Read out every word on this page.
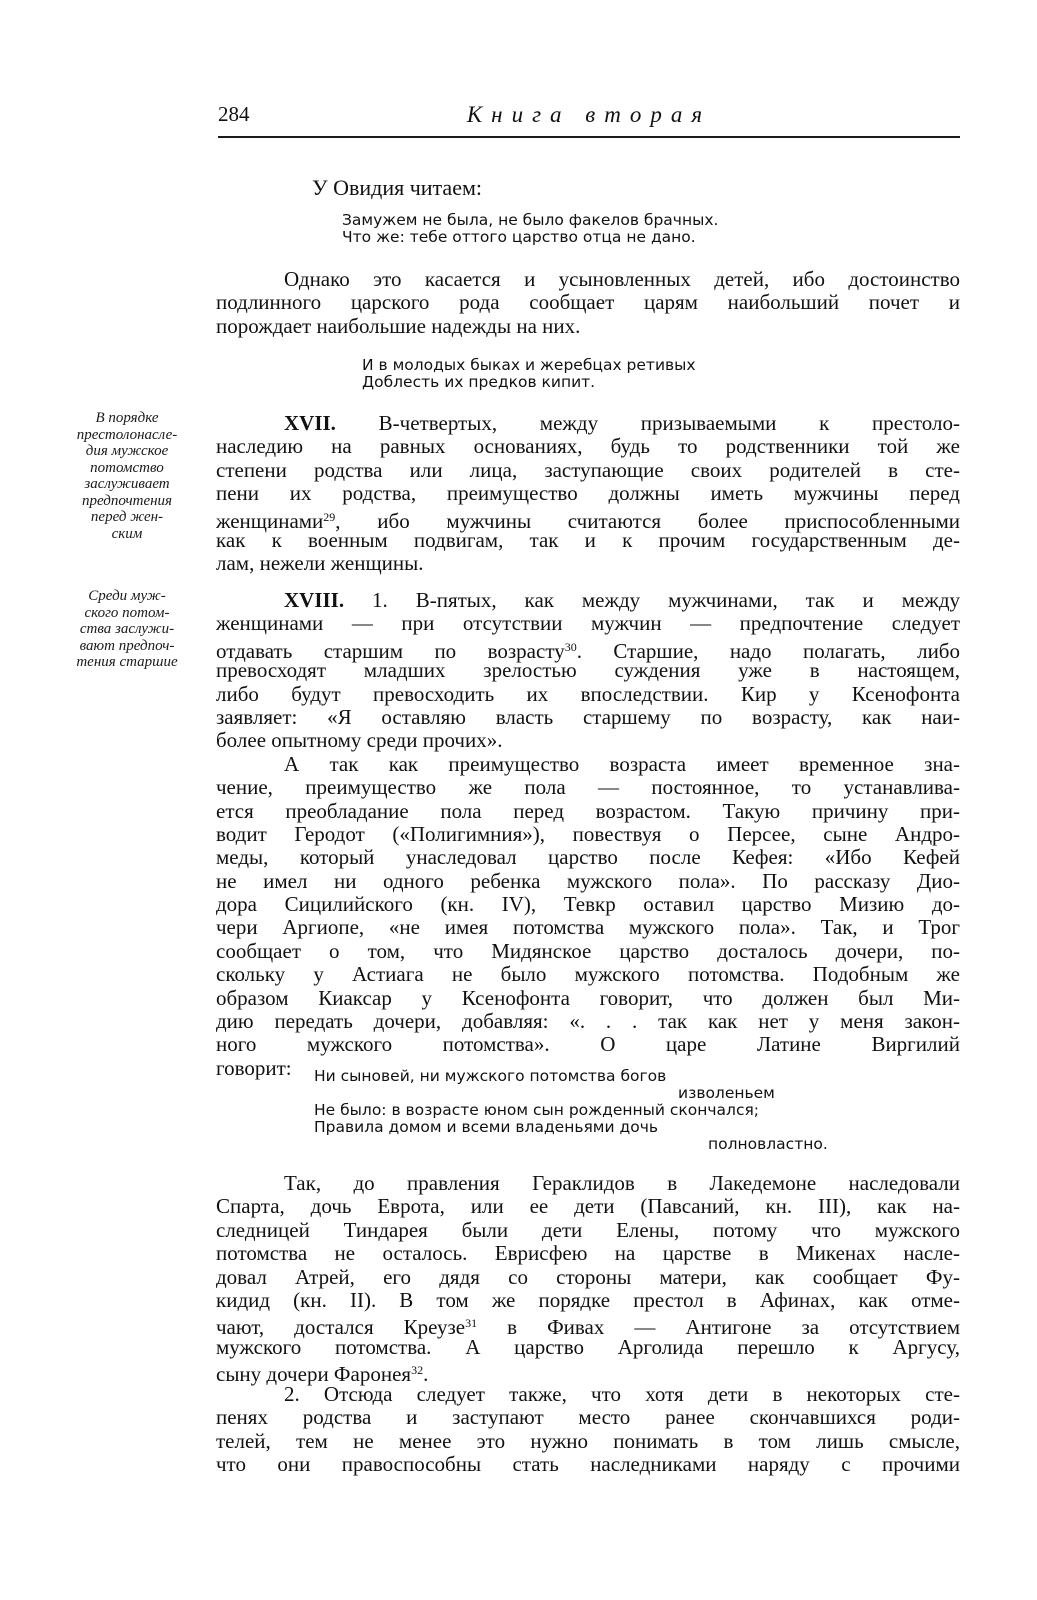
284	Книга вторая
У Овидия читаем:
Замужем не была, не было факелов брачных.
Что же: тебе оттого царство отца не дано.
Однако это касается и усыновленных детей, ибо достоинство
подлинного царского рода сообщает царям наибольший почет и
порождает наибольшие надежды на них.
И в молодых быках и жеребцах ретивых
Доблесть их предков кипит.
В порядке
престолонасле-
дия мужское
потомство
заслуживает
предпочтения
перед жен-
ским
XVII. В-четвертых, между призываемыми к престоло-
наследию на равных основаниях, будь то родственники той же
степени родства или лица, заступающие своих родителей в сте-
пени их родства, преимущество должны иметь мужчины перед
женщинами$^{29}$, ибо мужчины считаются более приспособленными
как к военным подвигам, так и к прочим государственным де-
лам, нежели женщины.
Среди муж-
ского потом-
ства заслужи-
вают предпоч-
тения старшие
XVIII. 1. В-пятых, как между мужчинами, так и между
женщинами — при отсутствии мужчин — предпочтение следует
отдавать старшим по возрасту$^{30}$. Старшие, надо полагать, либо
превосходят младших зрелостью суждения уже в настоящем,
либо будут превосходить их впоследствии. Кир у Ксенофонта
заявляет: «Я оставляю власть старшему по возрасту, как наи-
более опытному среди прочих».
А так как преимущество возраста имеет временное зна-
чение, преимущество же пола — постоянное, то устанавлива-
ется преобладание пола перед возрастом. Такую причину при-
водит Геродот («Полигимния»), повествуя о Персее, сыне Андро-
меды, который унаследовал царство после Кефея: «Ибо Кефей
не имел ни одного ребенка мужского пола». По рассказу Дио-
дора Сицилийского (кн. IV), Тевкр оставил царство Мизию до-
чери Аргиопе, «не имея потомства мужского пола». Так, и Трог
сообщает о том, что Мидянское царство досталось дочери, по-
скольку у Астиага не было мужского потомства. Подобным же
образом Киаксар у Ксенофонта говорит, что должен был Ми-
дию передать дочери, добавляя: «. . . так как нет у меня закон-
ного мужского потомства». О царе Латине Виргилий
говорит:	Ни сыновей, ни мужского потомства богов
изволеньем
Не было: в возрасте юном сын рожденный скончался;
Правила домом и всеми владеньями дочь
полновластно.
Так, до правления Гераклидов в Лакедемоне наследовали
Спарта, дочь Еврота, или ее дети (Павсаний, кн. III), как на-
следницей Тиндарея были дети Елены, потому что мужского
потомства не осталось. Еврисфею на царстве в Микенах насле-
довал Атрей, его дядя со стороны матери, как сообщает Фу-
кидид (кн. II). В том же порядке престол в Афинах, как отме-
чают, достался Креузе$^{31}$ в Фивах — Антигоне за отсутствием
мужского потомства. А царство Арголида перешло к Аргусу,
сыну дочери Фаронея$^{32}$.
2. Отсюда следует также, что хотя дети в некоторых сте-
пенях родства и заступают место ранее скончавшихся роди-
телей, тем не менее это нужно понимать в том лишь смысле,
что они правоспособны стать наследниками наряду с прочими
